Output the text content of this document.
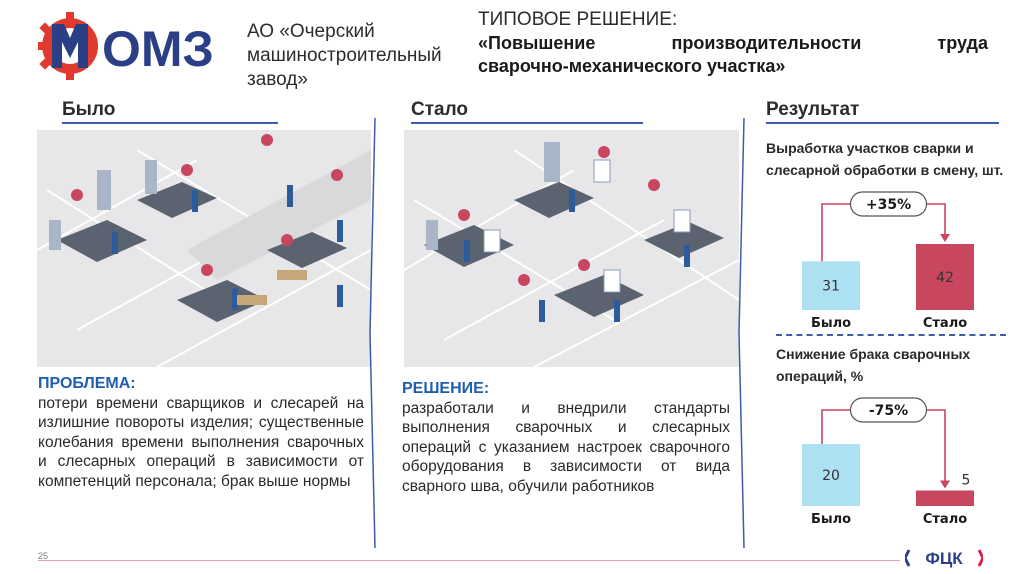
ОМЗ АО «Очерский машиностроительный завод»
ТИПОВОЕ РЕШЕНИЕ:
«Повышение производительности труда
сварочно-механического участка»
Было	Стало	Результат
ПРОБЛЕМА:
потери времени сварщиков и слесарей на излишние повороты изделия; существенные колебания времени выполнения сварочных и слесарных операций в зависимости от компетенций персонала; брак выше нормы
РЕШЕНИЕ:
разработали и внедрили стандарты выполнения сварочных и слесарных операций с указанием настроек сварочного оборудования в зависимости от вида сварного шва, обучили работников
Выработка участков сварки и слесарной обработки в смену, шт.
31
Было
42
Стало
+35%
Снижение брака сварочных операций, %
20
Было
5
Стало
-75%
25	ФЦК
